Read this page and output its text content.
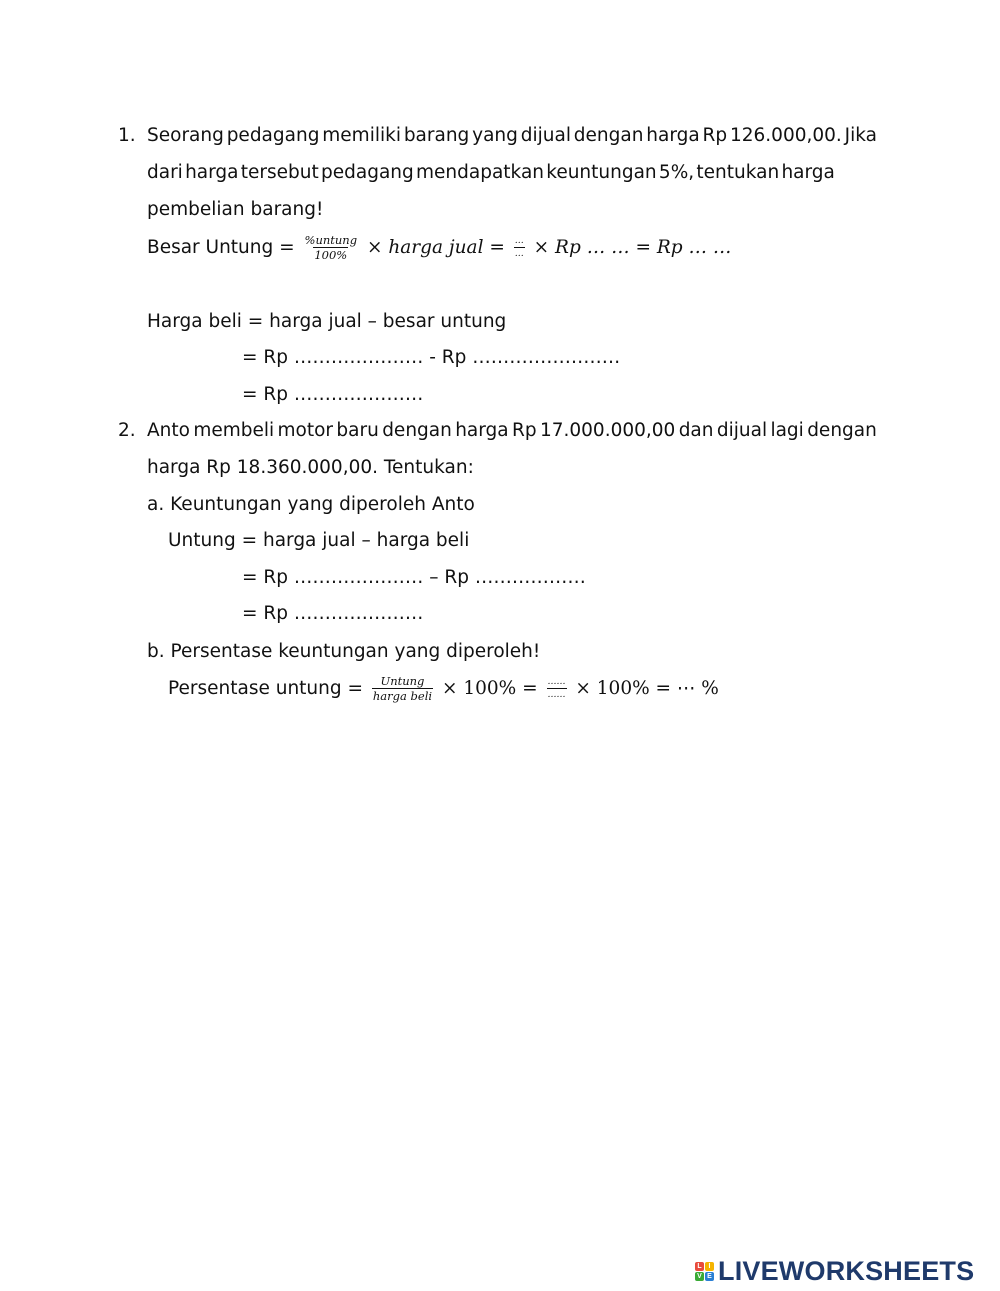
1. Seorang pedagang memiliki barang yang dijual dengan harga Rp 126.000,00. Jika
dari harga tersebut pedagang mendapatkan keuntungan 5%, tentukan harga
pembelian barang!
Besar Untung = $\frac{\text{\%untung}}{100\%}$ × harga jual = $\frac{\dots}{\dots} \times Rp$ … … = Rp … …
Harga beli = harga jual – besar untung
= Rp ………………… - Rp ……………………
= Rp …………………
2. Anto membeli motor baru dengan harga Rp 17.000.000,00 dan dijual lagi dengan
harga Rp 18.360.000,00. Tentukan:
a. Keuntungan yang diperoleh Anto
Untung = harga jual – harga beli
= Rp ………………… – Rp ………………
= Rp …………………
b. Persentase keuntungan yang diperoleh!
Persentase untung = $\frac{\text{Untung}}{\text{harga beli}} \times 100\% = \frac{\dots\dots}{\dots\dots} \times 100\%$ = ⋯ %
L I
V E LIVEWORKSHEETS
